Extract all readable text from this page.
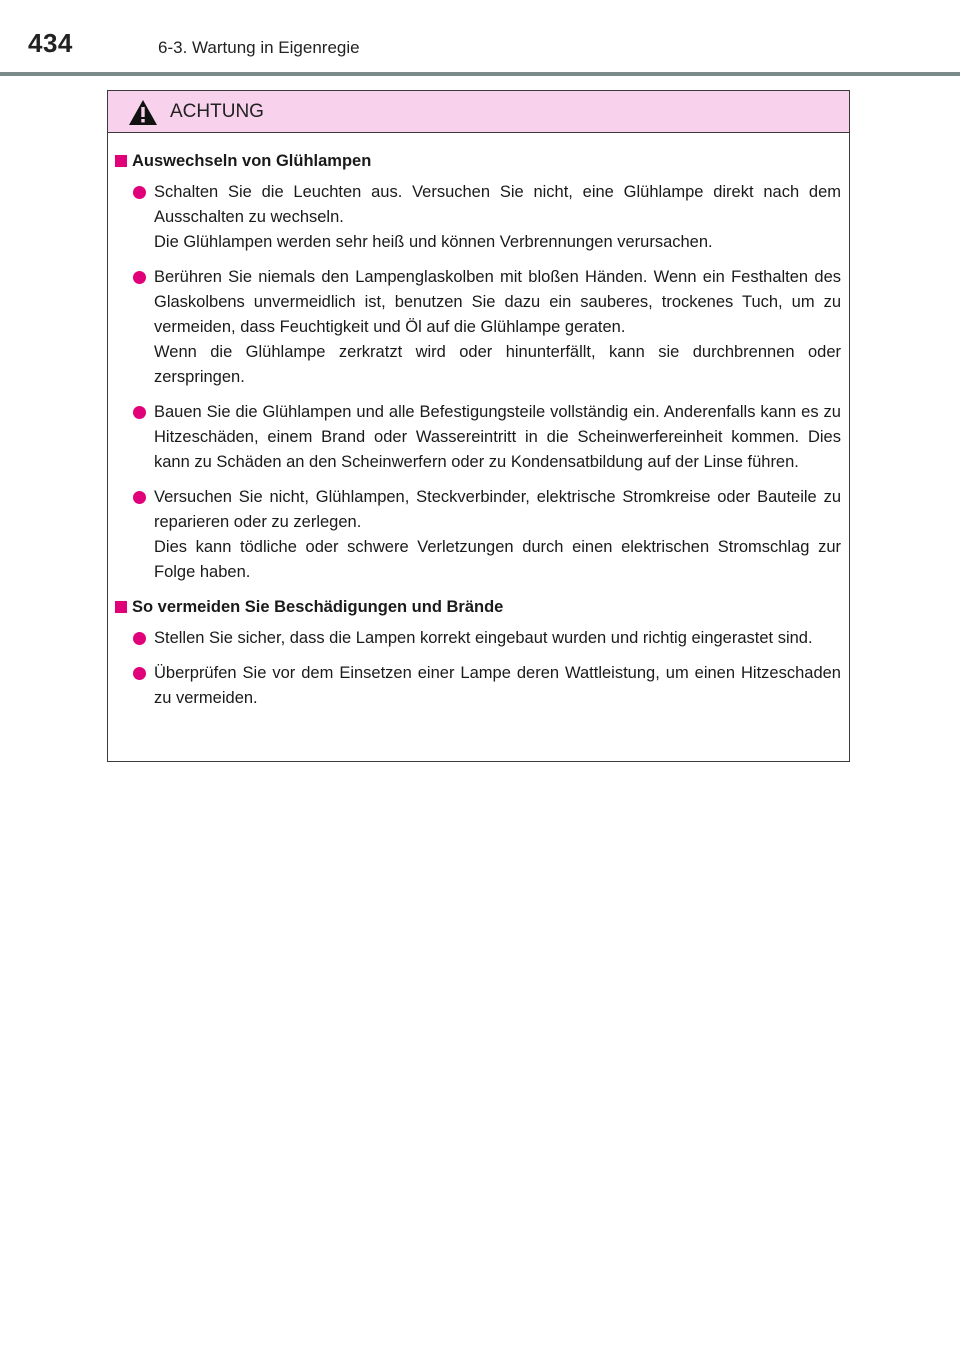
434	6-3. Wartung in Eigenregie
ACHTUNG
Auswechseln von Glühlampen
Schalten Sie die Leuchten aus. Versuchen Sie nicht, eine Glühlampe direkt nach dem Ausschalten zu wechseln.
Die Glühlampen werden sehr heiß und können Verbrennungen verursachen.
Berühren Sie niemals den Lampenglaskolben mit bloßen Händen. Wenn ein Festhalten des Glaskolbens unvermeidlich ist, benutzen Sie dazu ein sauberes, trockenes Tuch, um zu vermeiden, dass Feuchtigkeit und Öl auf die Glühlampe geraten.
Wenn die Glühlampe zerkratzt wird oder hinunterfällt, kann sie durchbrennen oder zerspringen.
Bauen Sie die Glühlampen und alle Befestigungsteile vollständig ein. Anderenfalls kann es zu Hitzeschäden, einem Brand oder Wassereintritt in die Scheinwerfereinheit kommen. Dies kann zu Schäden an den Scheinwerfern oder zu Kondensatbildung auf der Linse führen.
Versuchen Sie nicht, Glühlampen, Steckverbinder, elektrische Stromkreise oder Bauteile zu reparieren oder zu zerlegen.
Dies kann tödliche oder schwere Verletzungen durch einen elektrischen Stromschlag zur Folge haben.
So vermeiden Sie Beschädigungen und Brände
Stellen Sie sicher, dass die Lampen korrekt eingebaut wurden und richtig eingerastet sind.
Überprüfen Sie vor dem Einsetzen einer Lampe deren Wattleistung, um einen Hitzeschaden zu vermeiden.
